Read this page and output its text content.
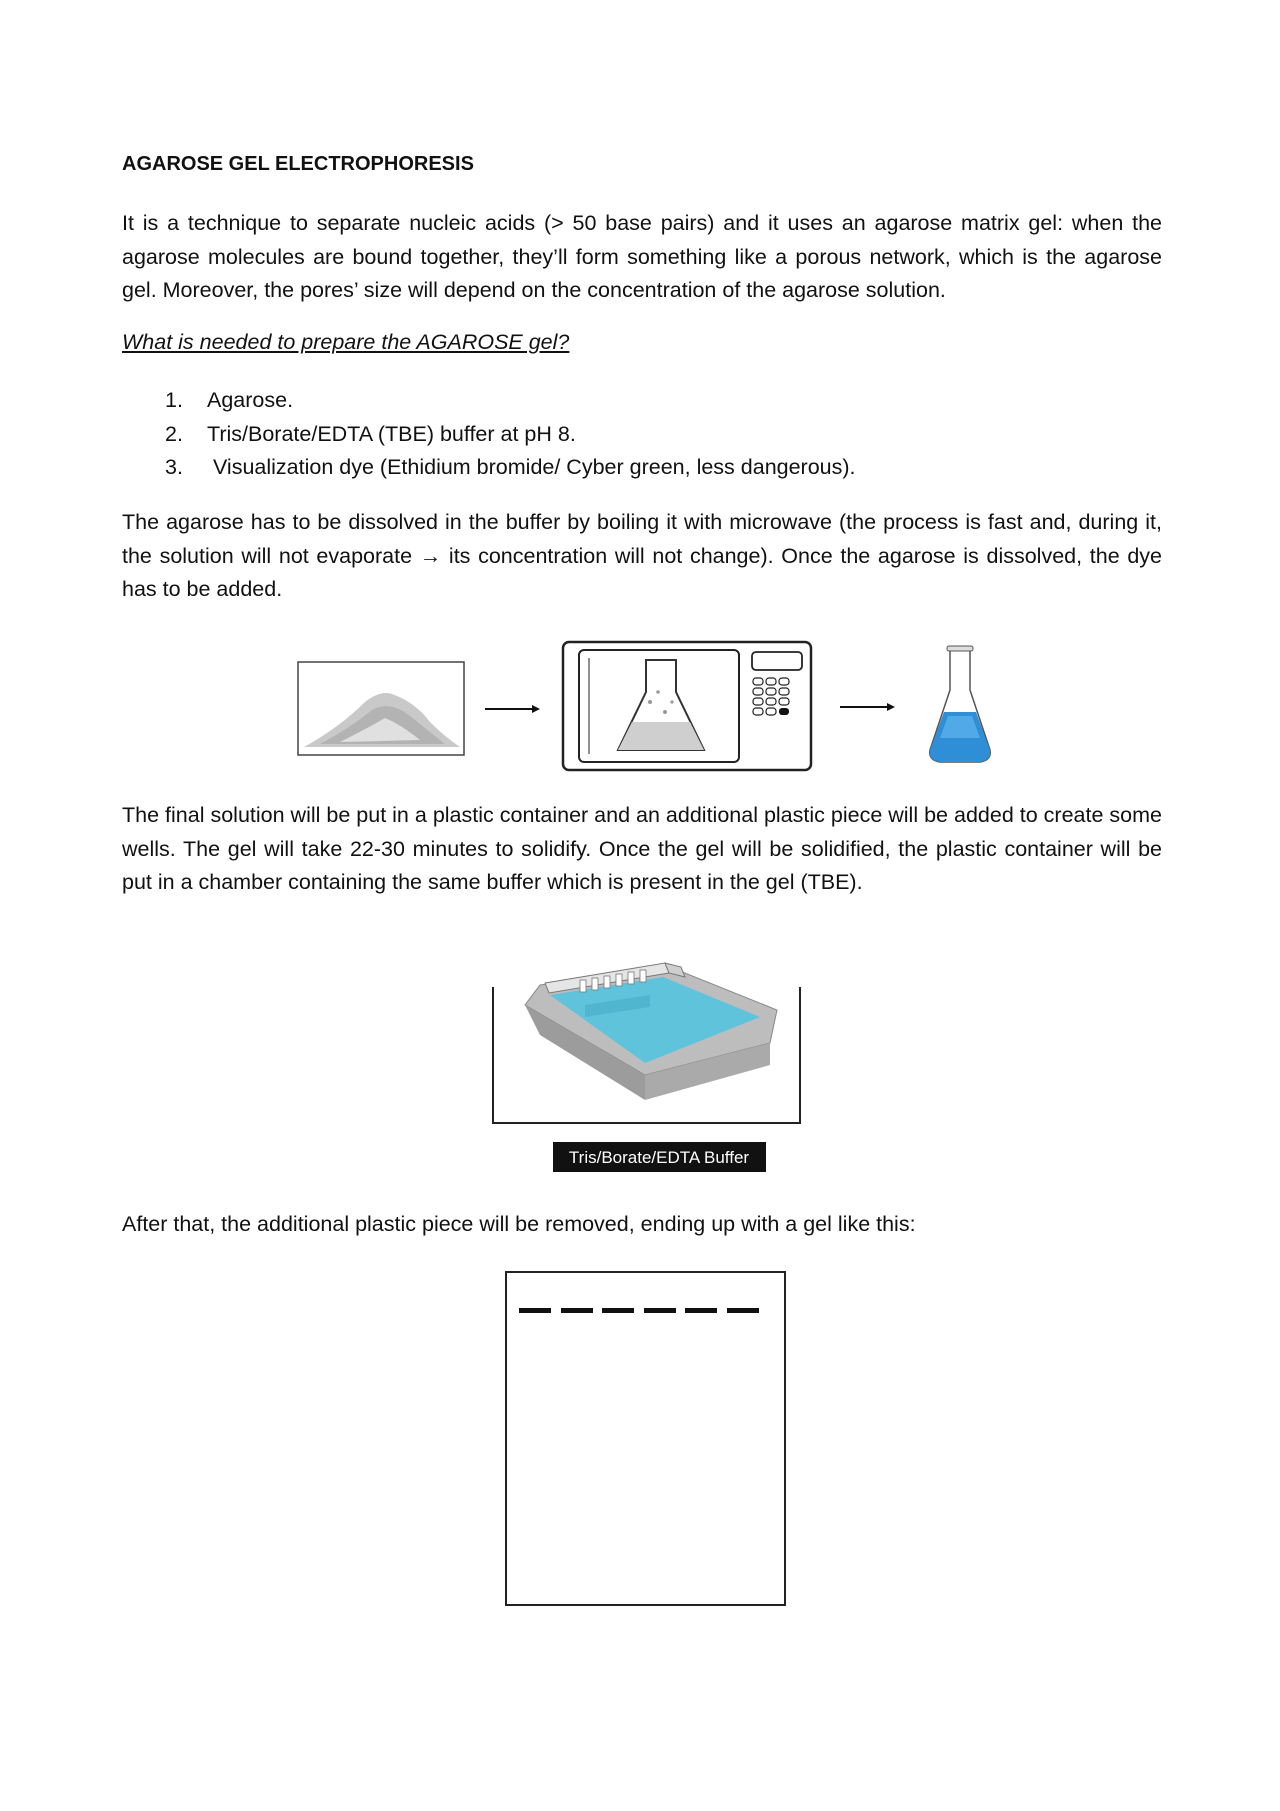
AGAROSE GEL ELECTROPHORESIS
It is a technique to separate nucleic acids (> 50 base pairs) and it uses an agarose matrix gel: when the agarose molecules are bound together, they’ll form something like a porous network, which is the agarose gel. Moreover, the pores’ size will depend on the concentration of the agarose solution.
What is needed to prepare the AGAROSE gel?
1.	Agarose.
2.	Tris/Borate/EDTA (TBE) buffer at pH 8.
3.	Visualization dye (Ethidium bromide/ Cyber green, less dangerous).
The agarose has to be dissolved in the buffer by boiling it with microwave (the process is fast and, during it, the solution will not evaporate → its concentration will not change). Once the agarose is dissolved, the dye has to be added.
The final solution will be put in a plastic container and an additional plastic piece will be added to create some wells. The gel will take 22-30 minutes to solidify. Once the gel will be solidified, the plastic container will be put in a chamber containing the same buffer which is present in the gel (TBE).
Tris/Borate/EDTA Buffer
After that, the additional plastic piece will be removed, ending up with a gel like this:
